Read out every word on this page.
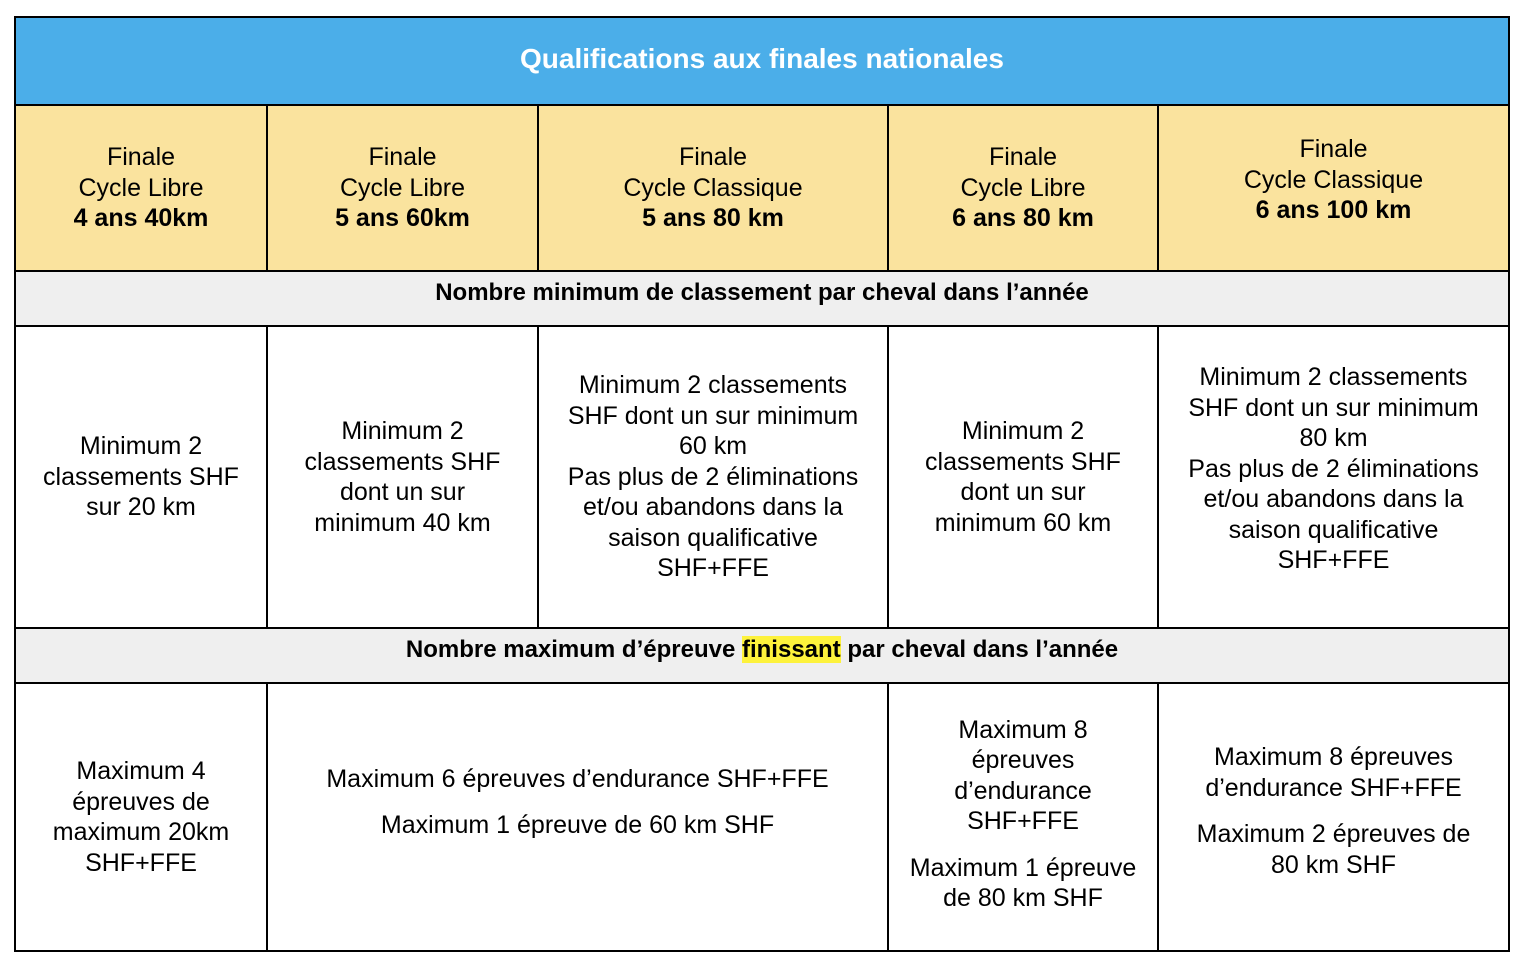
Qualifications aux finales nationales
Finale
Cycle Libre
4 ans 40km
Finale
Cycle Libre
5 ans 60km
Finale
Cycle Classique
5 ans 80 km
Finale
Cycle Libre
6 ans 80 km
Finale
Cycle Classique
6 ans 100 km
Nombre minimum de classement par cheval dans l’année
Minimum 2
classements SHF
sur 20 km
Minimum 2
classements SHF
dont un sur
minimum 40 km
Minimum 2 classements
SHF dont un sur minimum
60 km
Pas plus de 2 éliminations
et/ou abandons dans la
saison qualificative
SHF+FFE
Minimum 2
classements SHF
dont un sur
minimum 60 km
Minimum 2 classements
SHF dont un sur minimum
80 km
Pas plus de 2 éliminations
et/ou abandons dans la
saison qualificative
SHF+FFE
Nombre maximum d’épreuve finissant par cheval dans l’année
Maximum 4
épreuves de
maximum 20km
SHF+FFE
Maximum 6 épreuves d’endurance SHF+FFE
Maximum 1 épreuve de 60 km SHF
Maximum 8
épreuves
d’endurance
SHF+FFE
Maximum 1 épreuve
de 80 km SHF
Maximum 8 épreuves
d’endurance SHF+FFE
Maximum 2 épreuves de
80 km SHF
